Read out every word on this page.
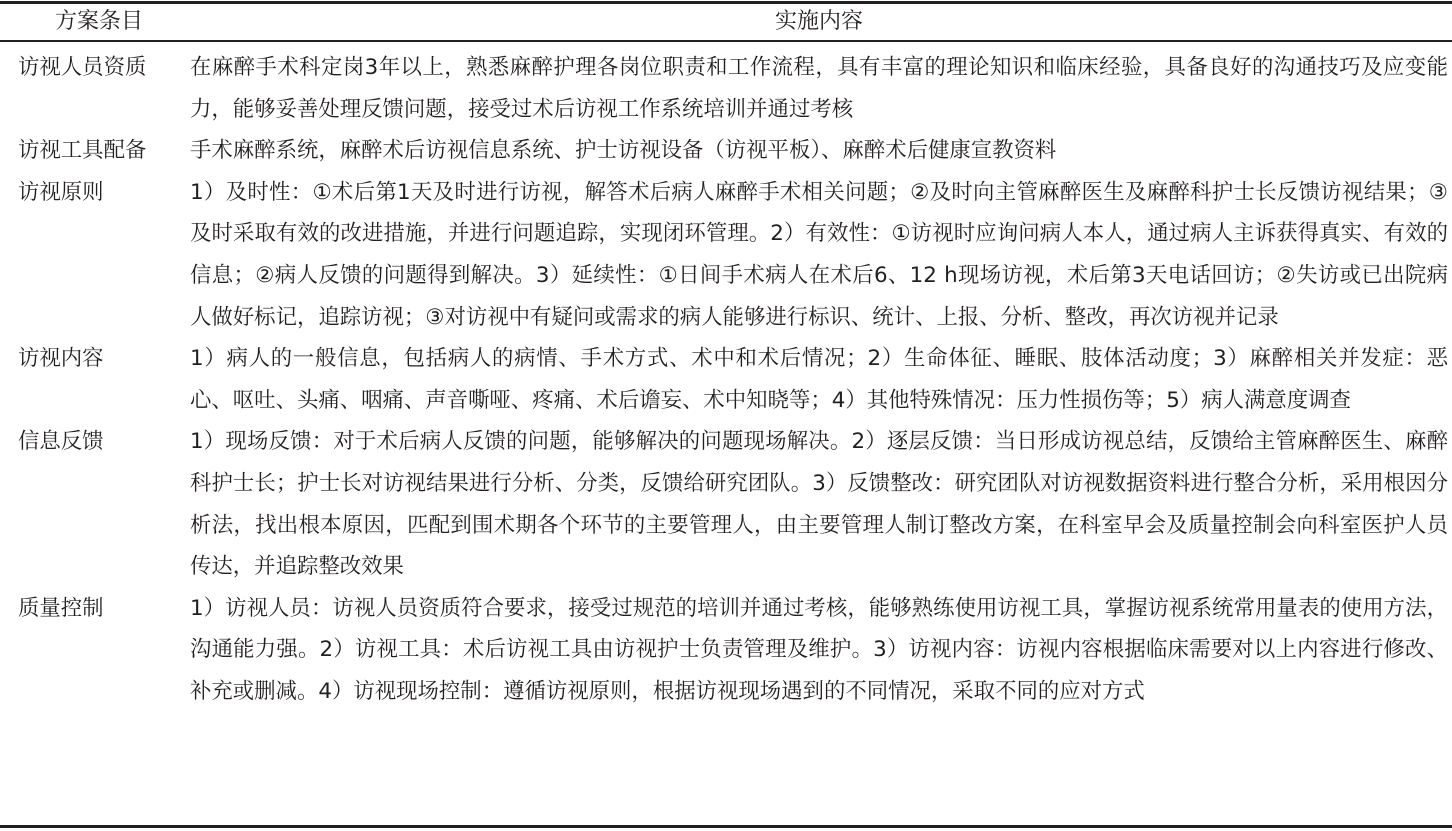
方案条目	实施内容
访视人员资质	在麻醉手术科定岗3年以上，熟悉麻醉护理各岗位职责和工作流程，具有丰富的理论知识和临床经验，具备良好的沟通技巧及应变能力，能够妥善处理反馈问题，接受过术后访视工作系统培训并通过考核
访视工具配备	手术麻醉系统，麻醉术后访视信息系统、护士访视设备（访视平板）、麻醉术后健康宣教资料
访视原则	1）及时性：①术后第1天及时进行访视，解答术后病人麻醉手术相关问题；②及时向主管麻醉医生及麻醉科护士长反馈访视结果；③及时采取有效的改进措施，并进行问题追踪，实现闭环管理。2）有效性：①访视时应询问病人本人，通过病人主诉获得真实、有效的信息；②病人反馈的问题得到解决。3）延续性：①日间手术病人在术后6、12 h现场访视，术后第3天电话回访；②失访或已出院病人做好标记，追踪访视；③对访视中有疑问或需求的病人能够进行标识、统计、上报、分析、整改，再次访视并记录
访视内容	1）病人的一般信息，包括病人的病情、手术方式、术中和术后情况；2）生命体征、睡眠、肢体活动度；3）麻醉相关并发症：恶心、呕吐、头痛、咽痛、声音嘶哑、疼痛、术后谵妄、术中知晓等；4）其他特殊情况：压力性损伤等；5）病人满意度调查
信息反馈	1）现场反馈：对于术后病人反馈的问题，能够解决的问题现场解决。2）逐层反馈：当日形成访视总结，反馈给主管麻醉医生、麻醉科护士长；护士长对访视结果进行分析、分类，反馈给研究团队。3）反馈整改：研究团队对访视数据资料进行整合分析，采用根因分析法，找出根本原因，匹配到围术期各个环节的主要管理人，由主要管理人制订整改方案，在科室早会及质量控制会向科室医护人员传达，并追踪整改效果
质量控制	1）访视人员：访视人员资质符合要求，接受过规范的培训并通过考核，能够熟练使用访视工具，掌握访视系统常用量表的使用方法，沟通能力强。2）访视工具：术后访视工具由访视护士负责管理及维护。3）访视内容：访视内容根据临床需要对以上内容进行修改、补充或删减。4）访视现场控制：遵循访视原则，根据访视现场遇到的不同情况，采取不同的应对方式
